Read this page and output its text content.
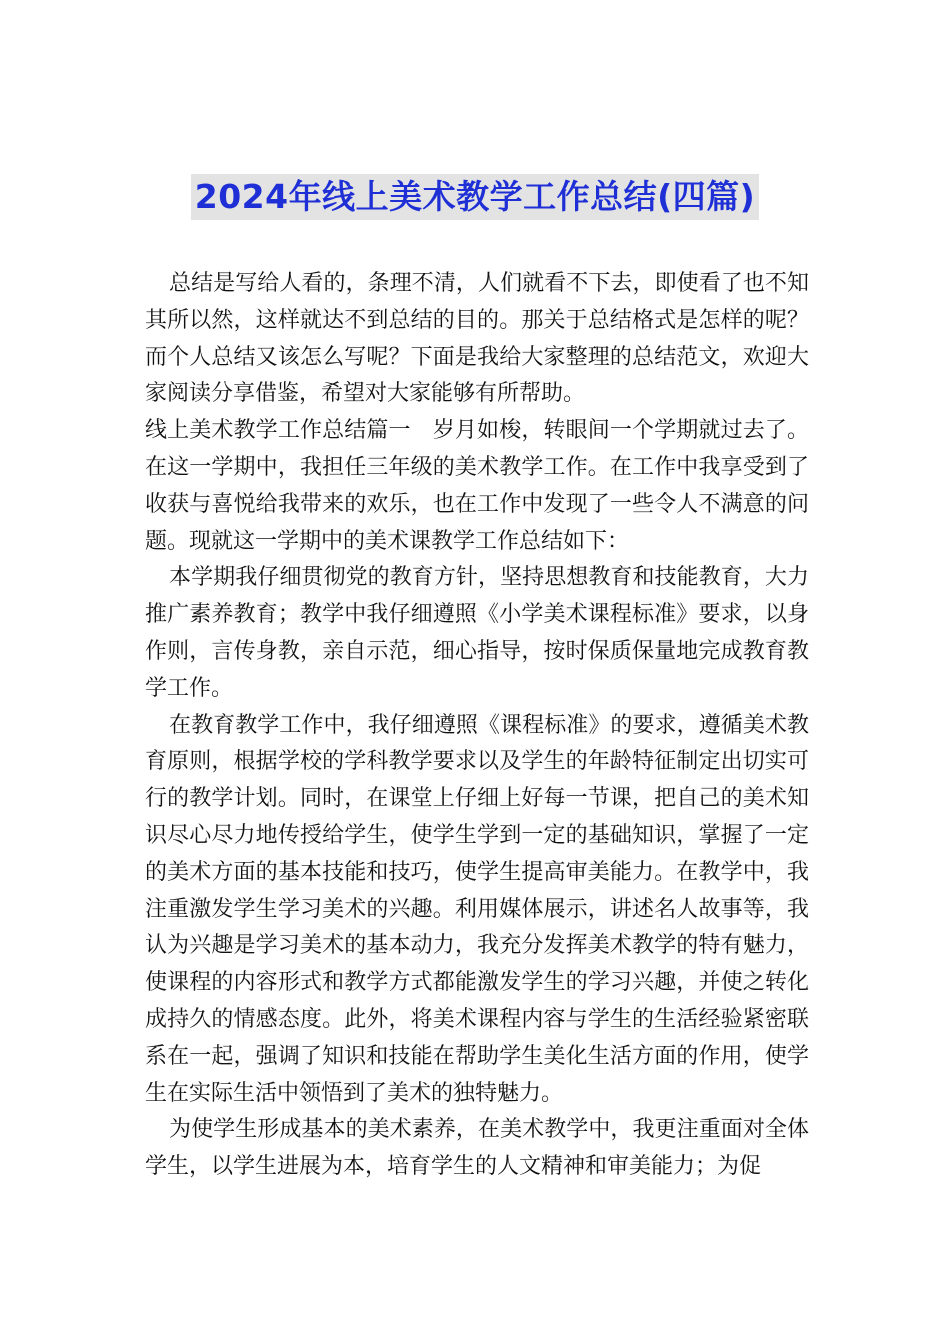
2024年线上美术教学工作总结(四篇)

总结是写给人看的，条理不清，人们就看不下去，即使看了也不知其所以然，这样就达不到总结的目的。那关于总结格式是怎样的呢？而个人总结又该怎么写呢？下面是我给大家整理的总结范文，欢迎大家阅读分享借鉴，希望对大家能够有所帮助。

线上美术教学工作总结篇一　岁月如梭，转眼间一个学期就过去了。在这一学期中，我担任三年级的美术教学工作。在工作中我享受到了收获与喜悦给我带来的欢乐，也在工作中发现了一些令人不满意的问题。现就这一学期中的美术课教学工作总结如下：

本学期我仔细贯彻党的教育方针，坚持思想教育和技能教育，大力推广素养教育；教学中我仔细遵照《小学美术课程标准》要求，以身作则，言传身教，亲自示范，细心指导，按时保质保量地完成教育教学工作。

在教育教学工作中，我仔细遵照《课程标准》的要求，遵循美术教育原则，根据学校的学科教学要求以及学生的年龄特征制定出切实可行的教学计划。同时，在课堂上仔细上好每一节课，把自己的美术知识尽心尽力地传授给学生，使学生学到一定的基础知识，掌握了一定的美术方面的基本技能和技巧，使学生提高审美能力。在教学中，我注重激发学生学习美术的兴趣。利用媒体展示，讲述名人故事等，我认为兴趣是学习美术的基本动力，我充分发挥美术教学的特有魅力，使课程的内容形式和教学方式都能激发学生的学习兴趣，并使之转化成持久的情感态度。此外，将美术课程内容与学生的生活经验紧密联系在一起，强调了知识和技能在帮助学生美化生活方面的作用，使学生在实际生活中领悟到了美术的独特魅力。

为使学生形成基本的美术素养，在美术教学中，我更注重面对全体学生，以学生进展为本，培育学生的人文精神和审美能力；为促
